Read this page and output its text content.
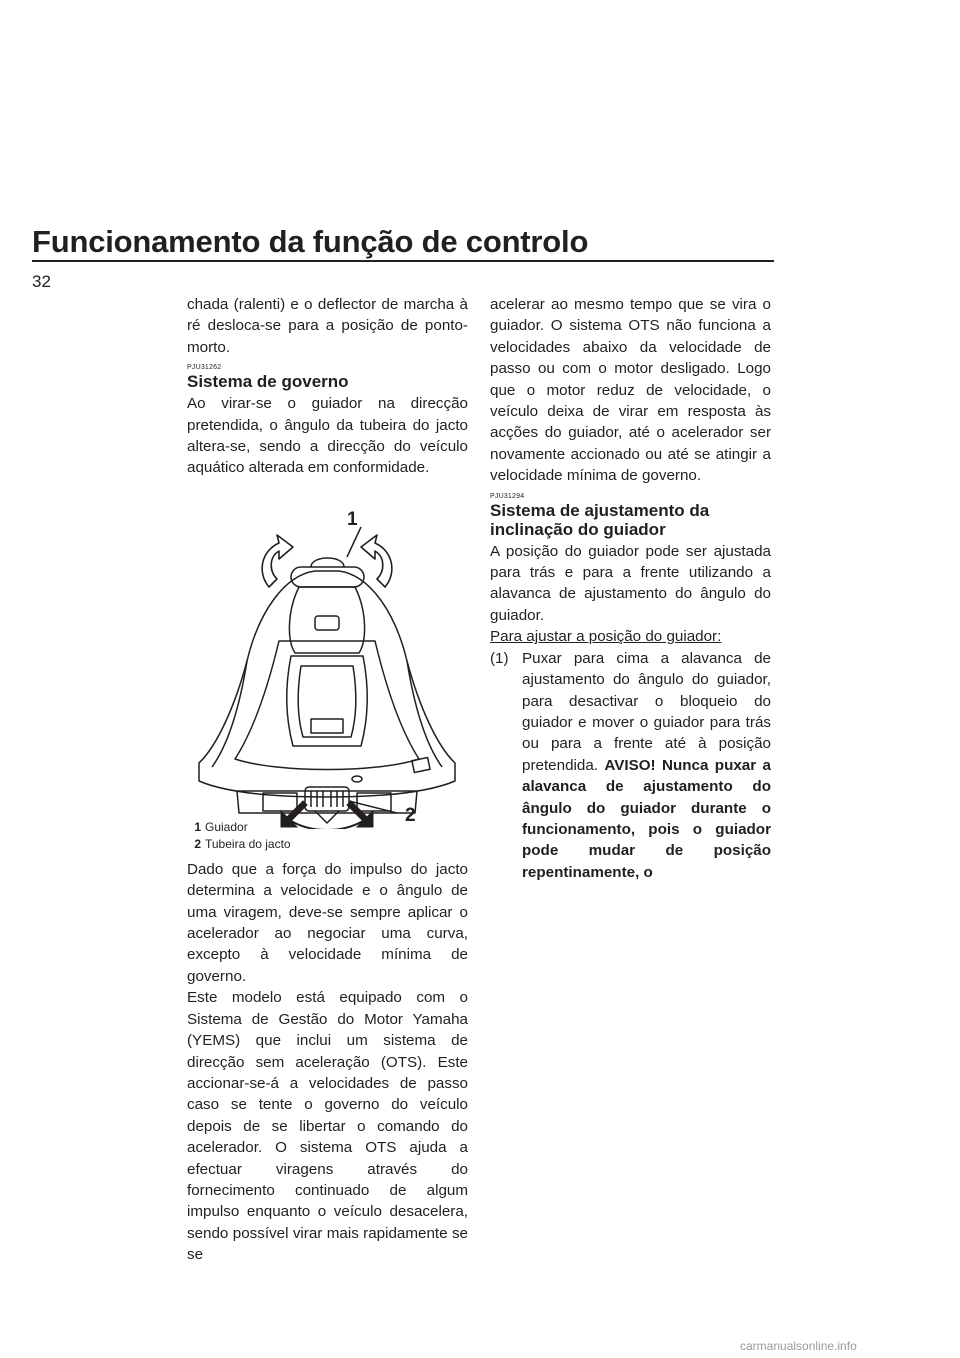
Funcionamento da função de controlo
32

chada (ralenti) e o deflector de marcha à ré desloca-se para a posição de ponto-morto.

PJU31262
Sistema de governo

Ao virar-se o guiador na direcção pretendida, o ângulo da tubeira do jacto altera-se, sendo a direcção do veículo aquático alterada em conformidade.

1
2
1 Guiador
2 Tubeira do jacto

Dado que a força do impulso do jacto determina a velocidade e o ângulo de uma viragem, deve-se sempre aplicar o acelerador ao negociar uma curva, excepto à velocidade mínima de governo.

Este modelo está equipado com o Sistema de Gestão do Motor Yamaha (YEMS) que inclui um sistema de direcção sem aceleração (OTS). Este accionar-se-á a velocidades de passo caso se tente o governo do veículo depois de se libertar o comando do acelerador. O sistema OTS ajuda a efectuar viragens através do fornecimento continuado de algum impulso enquanto o veículo desacelera, sendo possível virar mais rapidamente se se

acelerar ao mesmo tempo que se vira o guiador. O sistema OTS não funciona a velocidades abaixo da velocidade de passo ou com o motor desligado. Logo que o motor reduz de velocidade, o veículo deixa de virar em resposta às acções do guiador, até o acelerador ser novamente accionado ou até se atingir a velocidade mínima de governo.

PJU31294
Sistema de ajustamento da inclinação do guiador

A posição do guiador pode ser ajustada para trás e para a frente utilizando a alavanca de ajustamento do ângulo do guiador.

Para ajustar a posição do guiador:
(1) Puxar para cima a alavanca de ajustamento do ângulo do guiador, para desactivar o bloqueio do guiador e mover o guiador para trás ou para a frente até à posição pretendida. AVISO! Nunca puxar a alavanca de ajustamento do ângulo do guiador durante o funcionamento, pois o guiador pode mudar de posição repentinamente, o
carmanualsonline.info
